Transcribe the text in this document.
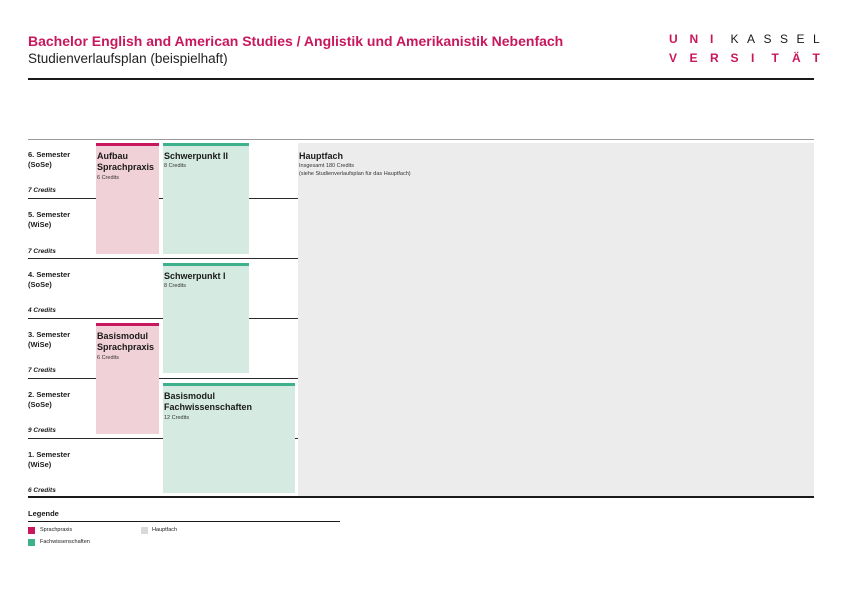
Bachelor English and American Studies / Anglistik und Amerikanistik Nebenfach
Studienverlaufsplan (beispielhaft)
U N I K A S S E L
V E R S I T Ä T
Hauptfach
Insgesamt 180 Credits
(siehe Studienverlaufsplan für das Hauptfach)
6. Semester
(SoSe)
7 Credits
5. Semester
(WiSe)
7 Credits
4. Semester
(SoSe)
4 Credits
3. Semester
(WiSe)
7 Credits
2. Semester
(SoSe)
9 Credits
1. Semester
(WiSe)
6 Credits
Aufbau
Sprachpraxis
6 Credits
Schwerpunkt II
8 Credits
Schwerpunkt I
8 Credits
Basismodul
Sprachpraxis
6 Credits
Basismodul
Fachwissenschaften
12 Credits
Legende
Sprachpraxis
Fachwissenschaften
Hauptfach
